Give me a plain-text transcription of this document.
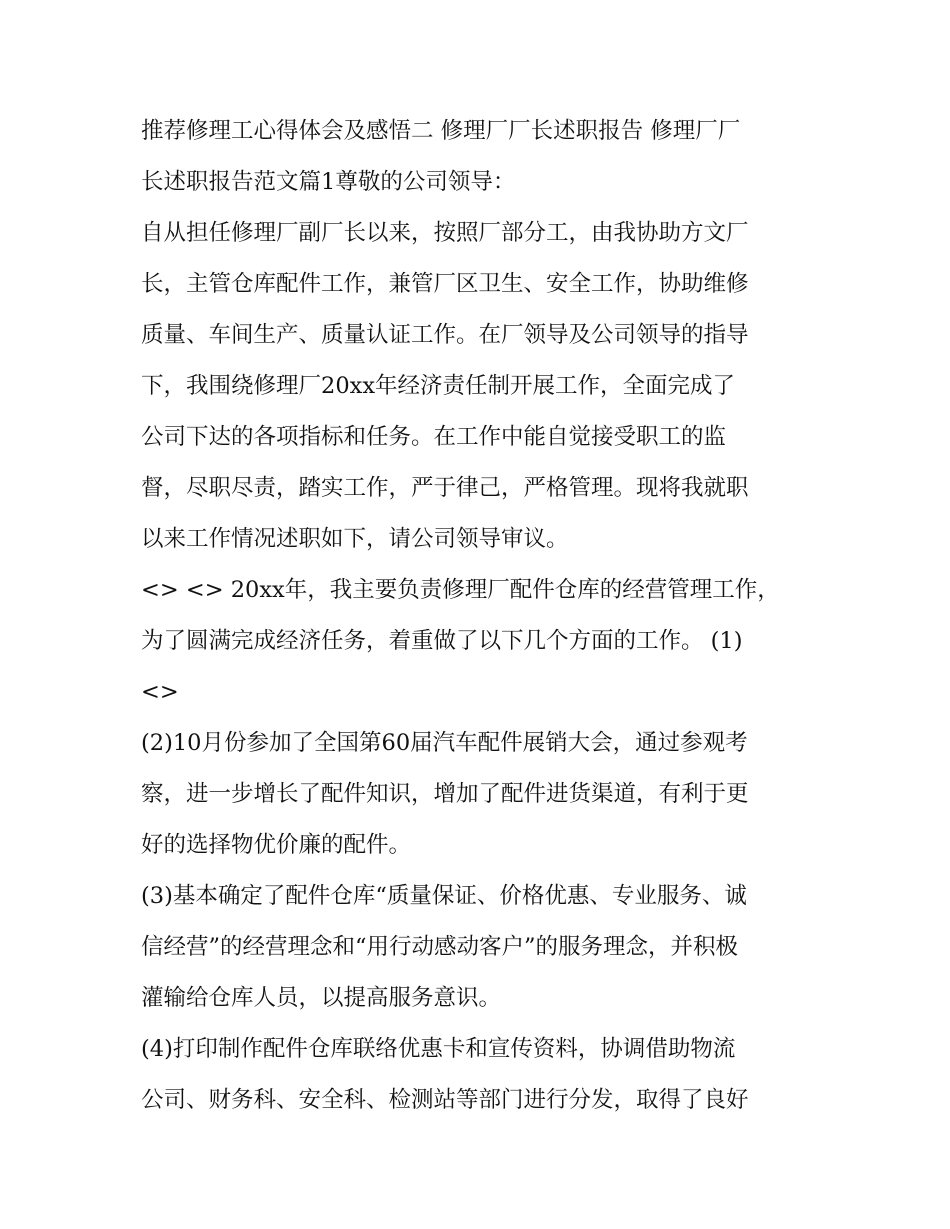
推荐修理工心得体会及感悟二 修理厂厂长述职报告 修理厂厂
长述职报告范文篇1尊敬的公司领导：
自从担任修理厂副厂长以来，按照厂部分工，由我协助方文厂
长，主管仓库配件工作，兼管厂区卫生、安全工作，协助维修
质量、车间生产、质量认证工作。在厂领导及公司领导的指导
下，我围绕修理厂20xx年经济责任制开展工作，全面完成了
公司下达的各项指标和任务。在工作中能自觉接受职工的监
督，尽职尽责，踏实工作，严于律己，严格管理。现将我就职
以来工作情况述职如下，请公司领导审议。
<> <> 20xx年，我主要负责修理厂配件仓库的经营管理工作，
为了圆满完成经济任务，着重做了以下几个方面的工作。 (1)
<>
(2)10月份参加了全国第60届汽车配件展销大会，通过参观考
察，进一步增长了配件知识，增加了配件进货渠道，有利于更
好的选择物优价廉的配件。
(3)基本确定了配件仓库“质量保证、价格优惠、专业服务、诚
信经营”的经营理念和“用行动感动客户”的服务理念，并积极
灌输给仓库人员，以提高服务意识。
(4)打印制作配件仓库联络优惠卡和宣传资料，协调借助物流
公司、财务科、安全科、检测站等部门进行分发，取得了良好
